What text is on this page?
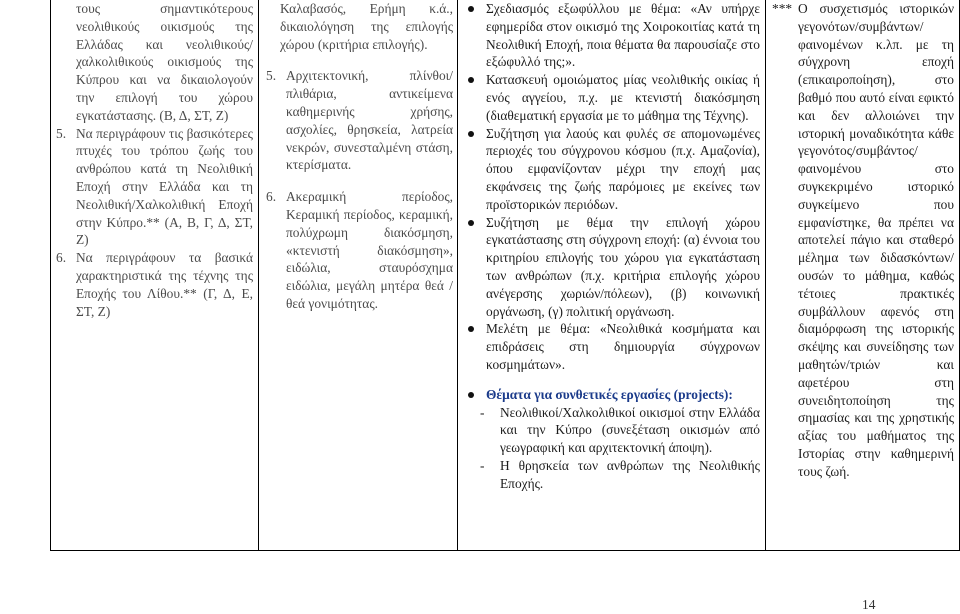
τους σημαντικότερους νεολιθικούς οικισμούς της Ελλάδας και νεολιθικούς/χαλκολιθικούς οικισμούς της Κύπρου και να δικαιολογούν την επιλογή του χώρου εγκατάστασης. (Β, Δ, ΣΤ, Ζ)

5. Να περιγράφουν τις βασικότερες πτυχές του τρόπου ζωής του ανθρώπου κατά τη Νεολιθική Εποχή στην Ελλάδα και τη Νεολιθική/Χαλκολιθική Εποχή στην Κύπρο.** (Α, Β, Γ, Δ, ΣΤ, Ζ)
6. Να περιγράφουν τα βασικά χαρακτηριστικά της τέχνης της Εποχής του Λίθου.** (Γ, Δ, Ε, ΣΤ, Ζ)

Καλαβασός, Ερήμη κ.ά., δικαιολόγηση της επιλογής χώρου (κριτήρια επιλογής).

5. Αρχιτεκτονική, πλίνθοι/πλιθάρια, αντικείμενα καθημερινής χρήσης, ασχολίες, θρησκεία, λατρεία νεκρών, συνεσταλμένη στάση, κτερίσματα.
6. Ακεραμική περίοδος, Κεραμική περίοδος, κεραμική, πολύχρωμη διακόσμηση, «κτενιστή διακόσμηση», ειδώλια, σταυρόσχημα ειδώλια, μεγάλη μητέρα θεά / θεά γονιμότητας.
Σχεδιασμός εξωφύλλου με θέμα: «Αν υπήρχε εφημερίδα στον οικισμό της Χοιροκοιτίας κατά τη Νεολιθική Εποχή, ποια θέματα θα παρουσίαζε στο εξώφυλλό της;».
Κατασκευή ομοιώματος μίας νεολιθικής οικίας ή ενός αγγείου, π.χ. με κτενιστή διακόσμηση (διαθεματική εργασία με το μάθημα της Τέχνης).
Συζήτηση για λαούς και φυλές σε απομονωμένες περιοχές του σύγχρονου κόσμου (π.χ. Αμαζονία), όπου εμφανίζονταν μέχρι την εποχή μας εκφάνσεις της ζωής παρόμοιες με εκείνες των προϊστορικών περιόδων.
Συζήτηση με θέμα την επιλογή χώρου εγκατάστασης στη σύγχρονη εποχή: (α) έννοια του κριτηρίου επιλογής του χώρου για εγκατάσταση των ανθρώπων (π.χ. κριτήρια επιλογής χώρου ανέγερσης χωριών/πόλεων), (β) κοινωνική οργάνωση, (γ) πολιτική οργάνωση.
Μελέτη με θέμα: «Νεολιθικά κοσμήματα και επιδράσεις στη δημιουργία σύγχρονων κοσμημάτων».
Θέματα για συνθετικές εργασίες (projects):
-	Νεολιθικοί/Χαλκολιθικοί οικισμοί στην Ελλάδα και την Κύπρο (συνεξέταση οικισμών από γεωγραφική και αρχιτεκτονική άποψη).
-	Η θρησκεία των ανθρώπων της Νεολιθικής Εποχής.
*** Ο συσχετισμός ιστορικών γεγονότων/συμβάντων/ φαινομένων κ.λπ. με τη σύγχρονη εποχή (επικαιροποίηση), στο βαθμό που αυτό είναι εφικτό και δεν αλλοιώνει την ιστορική μοναδικότητα κάθε γεγονότος/συμβάντος/ φαινομένου στο συγκεκριμένο ιστορικό συγκείμενο που εμφανίστηκε, θα πρέπει να αποτελεί πάγιο και σταθερό μέλημα των διδασκόντων/ουσών το μάθημα, καθώς τέτοιες πρακτικές συμβάλλουν αφενός στη διαμόρφωση της ιστορικής σκέψης και συνείδησης των μαθητών/τριών και αφετέρου στη συνειδητοποίηση της σημασίας και της χρηστικής αξίας του μαθήματος της Ιστορίας στην καθημερινή τους ζωή.
14
